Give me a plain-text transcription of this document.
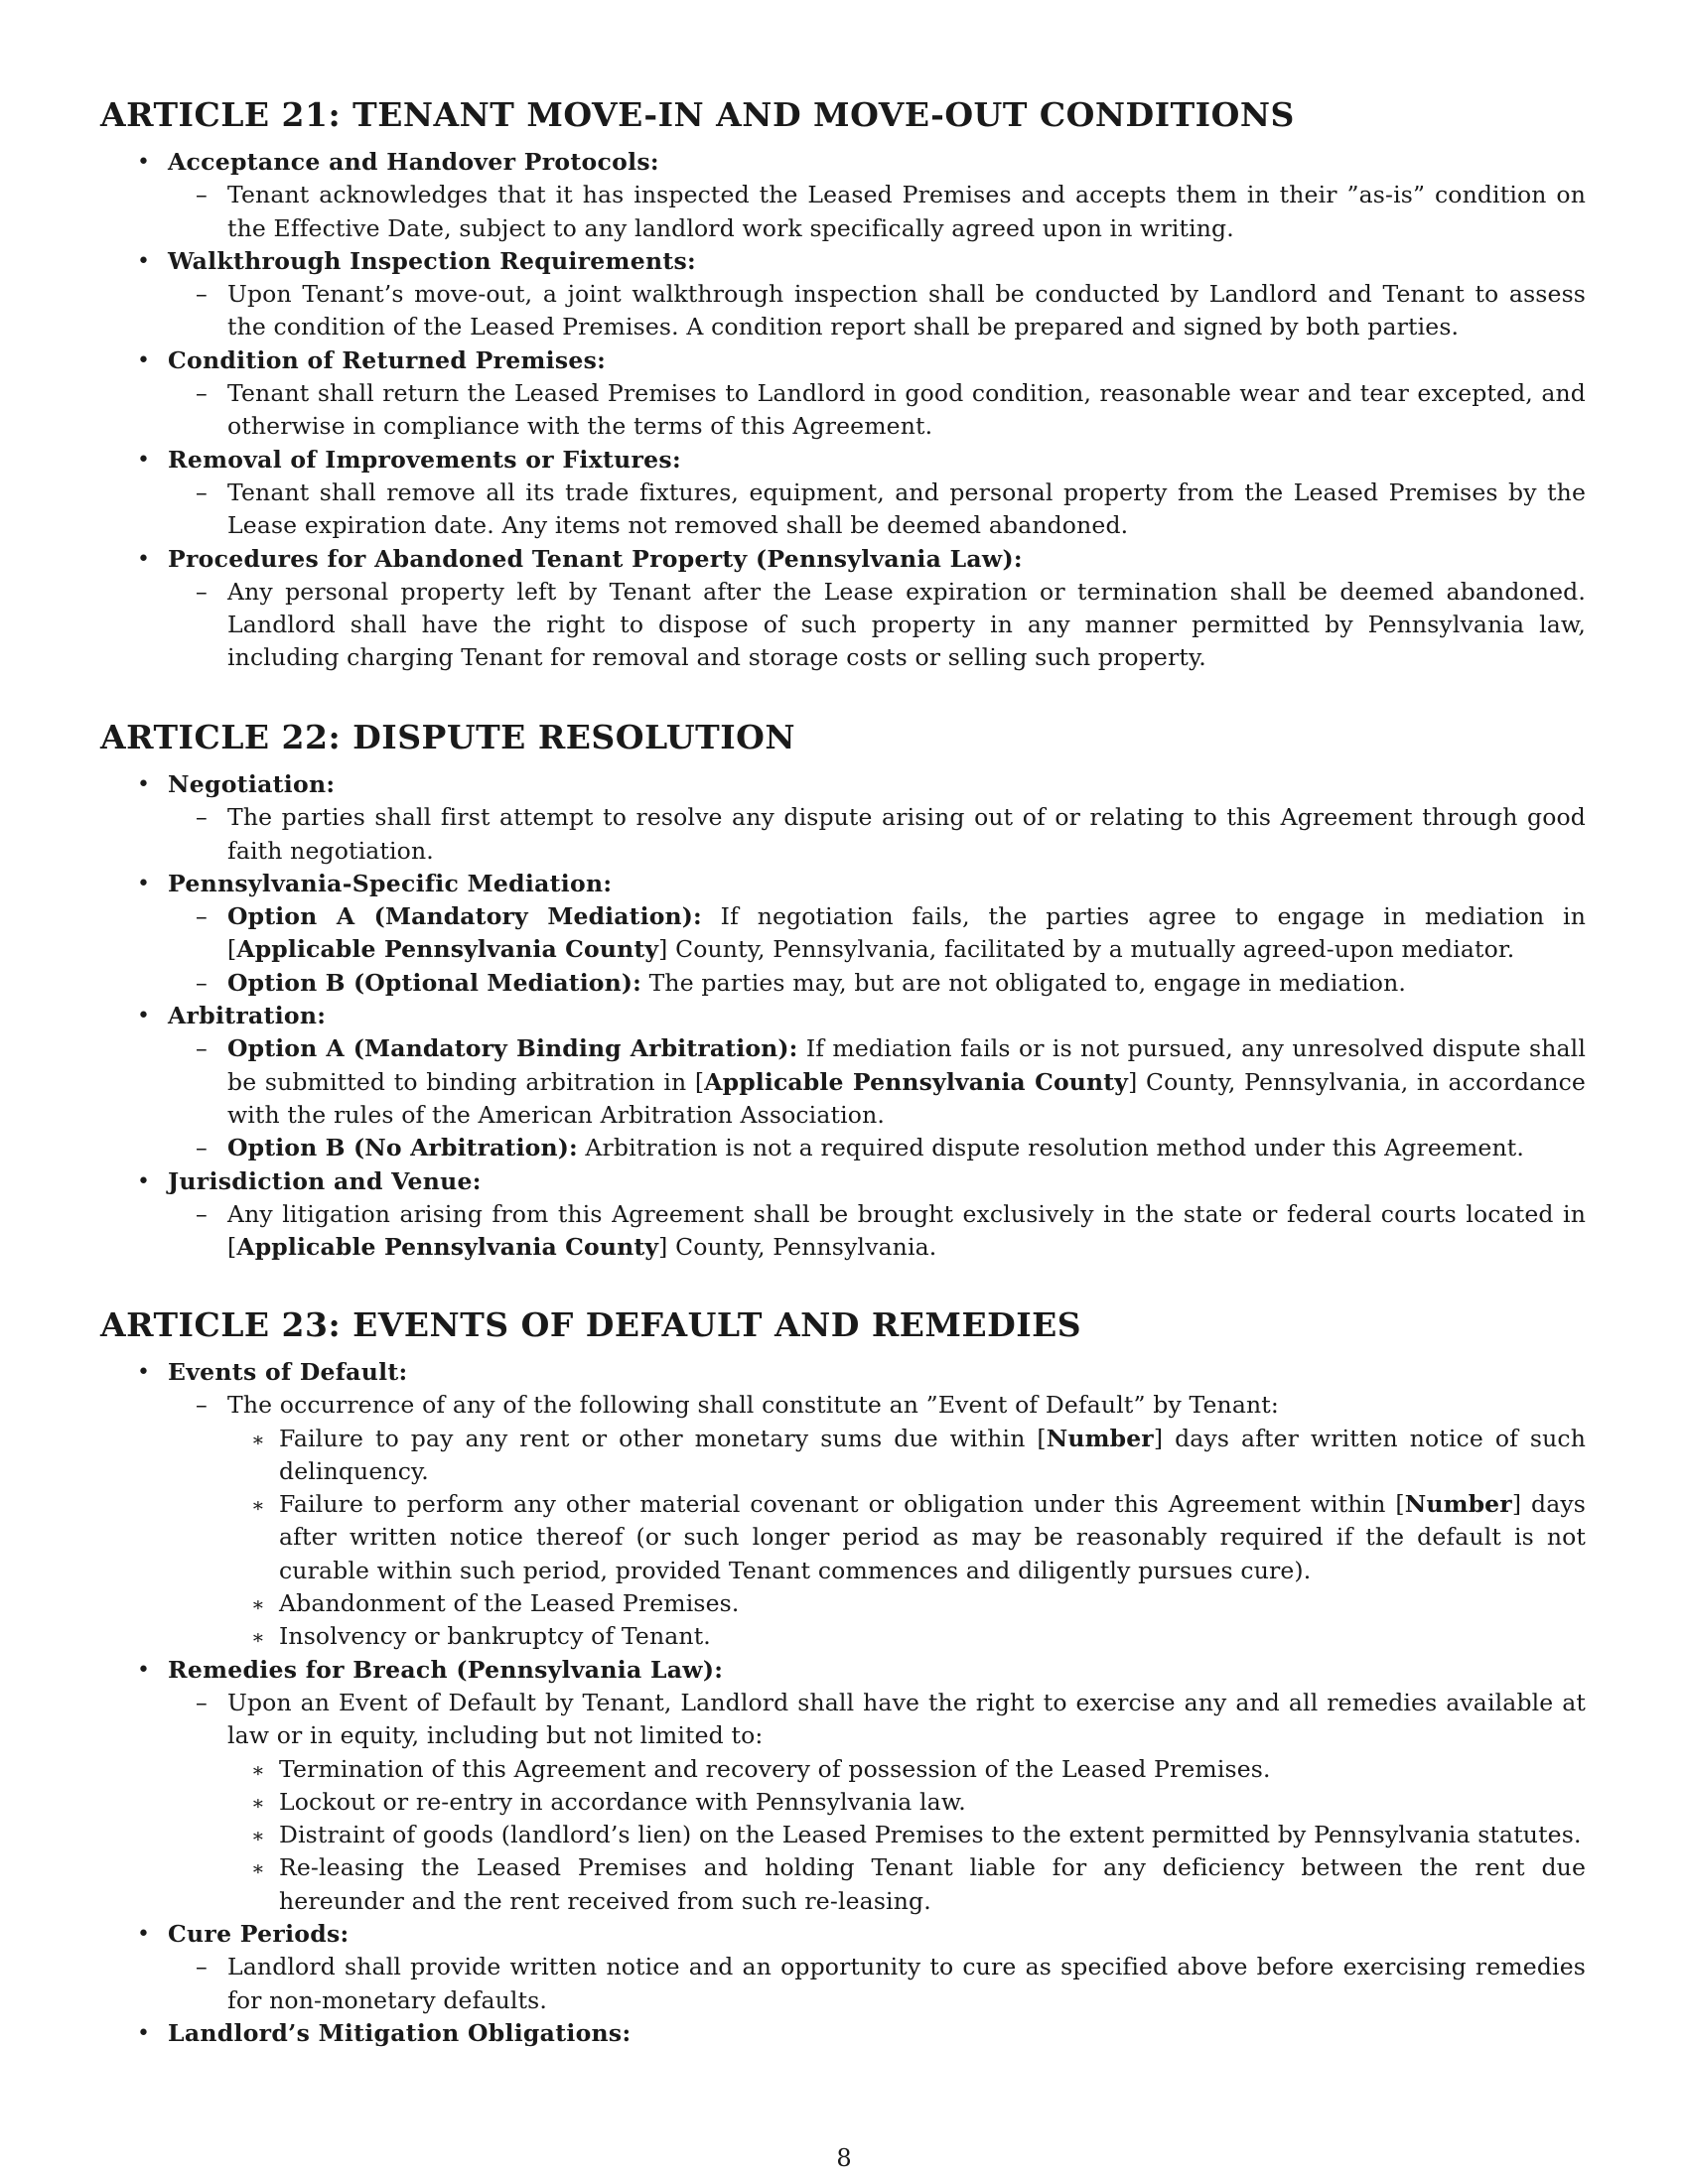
ARTICLE 21: TENANT MOVE-IN AND MOVE-OUT CONDITIONS
• Acceptance and Handover Protocols:
– Tenant acknowledges that it has inspected the Leased Premises and accepts them in their ”as-is” condition on the Effective Date, subject to any landlord work specifically agreed upon in writing.
• Walkthrough Inspection Requirements:
– Upon Tenant’s move-out, a joint walkthrough inspection shall be conducted by Landlord and Tenant to assess the condition of the Leased Premises. A condition report shall be prepared and signed by both parties.
• Condition of Returned Premises:
– Tenant shall return the Leased Premises to Landlord in good condition, reasonable wear and tear excepted, and otherwise in compliance with the terms of this Agreement.
• Removal of Improvements or Fixtures:
– Tenant shall remove all its trade fixtures, equipment, and personal property from the Leased Premises by the Lease expiration date. Any items not removed shall be deemed abandoned.
• Procedures for Abandoned Tenant Property (Pennsylvania Law):
– Any personal property left by Tenant after the Lease expiration or termination shall be deemed abandoned. Landlord shall have the right to dispose of such property in any manner permitted by Pennsylvania law, including charging Tenant for removal and storage costs or selling such property.
ARTICLE 22: DISPUTE RESOLUTION
• Negotiation:
– The parties shall first attempt to resolve any dispute arising out of or relating to this Agreement through good faith negotiation.
• Pennsylvania-Specific Mediation:
– Option A (Mandatory Mediation): If negotiation fails, the parties agree to engage in mediation in [Applicable Pennsylvania County] County, Pennsylvania, facilitated by a mutually agreed-upon mediator.
– Option B (Optional Mediation): The parties may, but are not obligated to, engage in mediation.
• Arbitration:
– Option A (Mandatory Binding Arbitration): If mediation fails or is not pursued, any unresolved dispute shall be submitted to binding arbitration in [Applicable Pennsylvania County] County, Pennsylvania, in accordance with the rules of the American Arbitration Association.
– Option B (No Arbitration): Arbitration is not a required dispute resolution method under this Agreement.
• Jurisdiction and Venue:
– Any litigation arising from this Agreement shall be brought exclusively in the state or federal courts located in [Applicable Pennsylvania County] County, Pennsylvania.
ARTICLE 23: EVENTS OF DEFAULT AND REMEDIES
• Events of Default:
– The occurrence of any of the following shall constitute an ”Event of Default” by Tenant:
∗ Failure to pay any rent or other monetary sums due within [Number] days after written notice of such delinquency.
∗ Failure to perform any other material covenant or obligation under this Agreement within [Number] days after written notice thereof (or such longer period as may be reasonably required if the default is not curable within such period, provided Tenant commences and diligently pursues cure).
∗ Abandonment of the Leased Premises.
∗ Insolvency or bankruptcy of Tenant.
• Remedies for Breach (Pennsylvania Law):
– Upon an Event of Default by Tenant, Landlord shall have the right to exercise any and all remedies available at law or in equity, including but not limited to:
∗ Termination of this Agreement and recovery of possession of the Leased Premises.
∗ Lockout or re-entry in accordance with Pennsylvania law.
∗ Distraint of goods (landlord’s lien) on the Leased Premises to the extent permitted by Pennsylvania statutes.
∗ Re-leasing the Leased Premises and holding Tenant liable for any deficiency between the rent due hereunder and the rent received from such re-leasing.
• Cure Periods:
– Landlord shall provide written notice and an opportunity to cure as specified above before exercising remedies for non-monetary defaults.
• Landlord’s Mitigation Obligations:
8
